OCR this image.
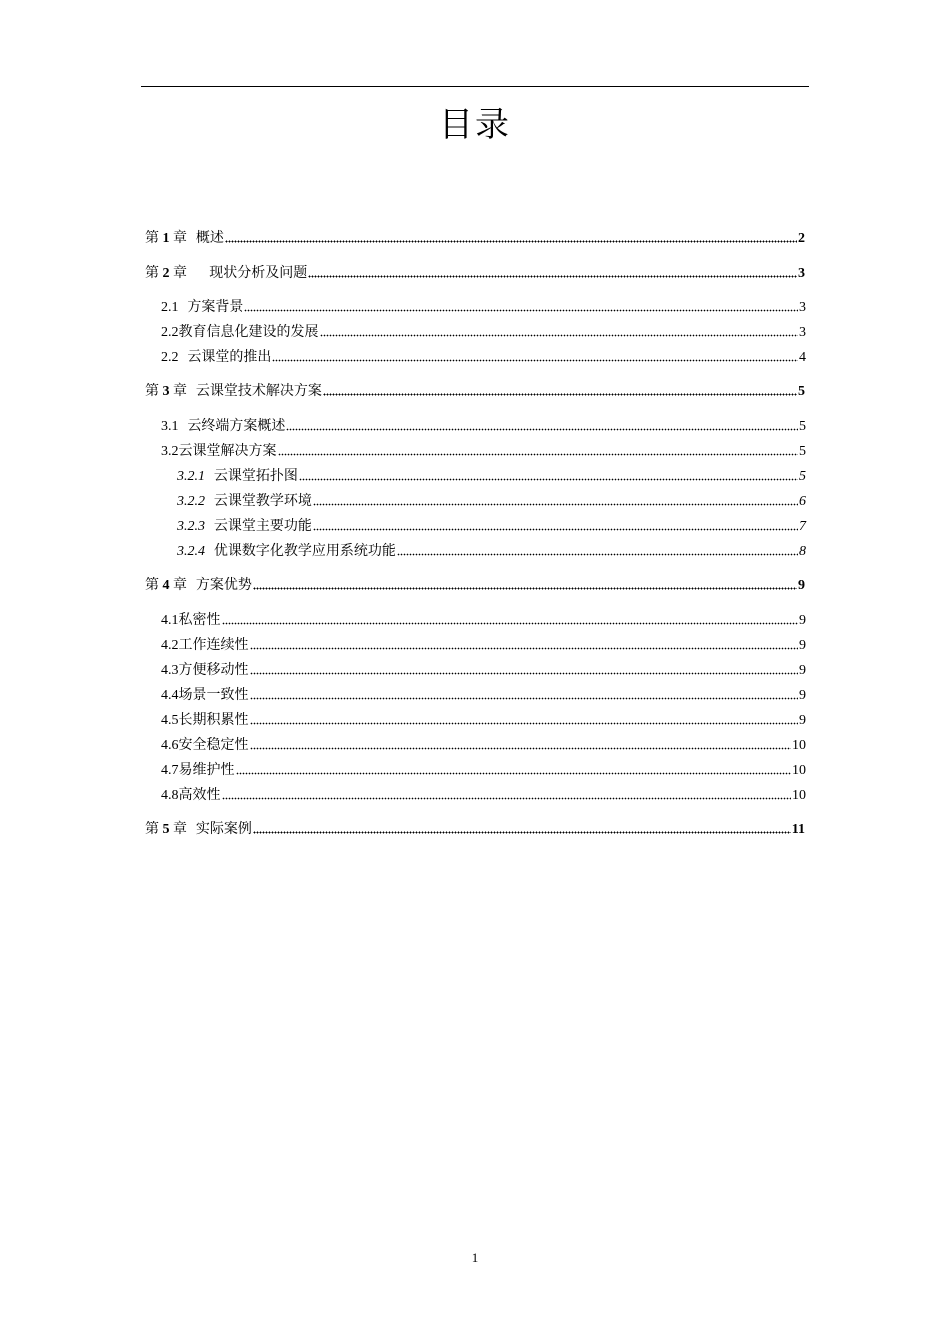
目录
第 1 章 概述	2
第 2 章 现状分析及问题	3
2.1 方案背景	3
2.2教育信息化建设的发展	3
2.2 云课堂的推出	4
第 3 章 云课堂技术解决方案	5
3.1 云终端方案概述	5
3.2云课堂解决方案	5
3.2.1 云课堂拓扑图	5
3.2.2 云课堂教学环境	6
3.2.3 云课堂主要功能	7
3.2.4 优课数字化教学应用系统功能	8
第 4 章 方案优势	9
4.1私密性	9
4.2工作连续性	9
4.3方便移动性	9
4.4场景一致性	9
4.5长期积累性	9
4.6安全稳定性	10
4.7易维护性	10
4.8高效性	10
第 5 章 实际案例	11
1
